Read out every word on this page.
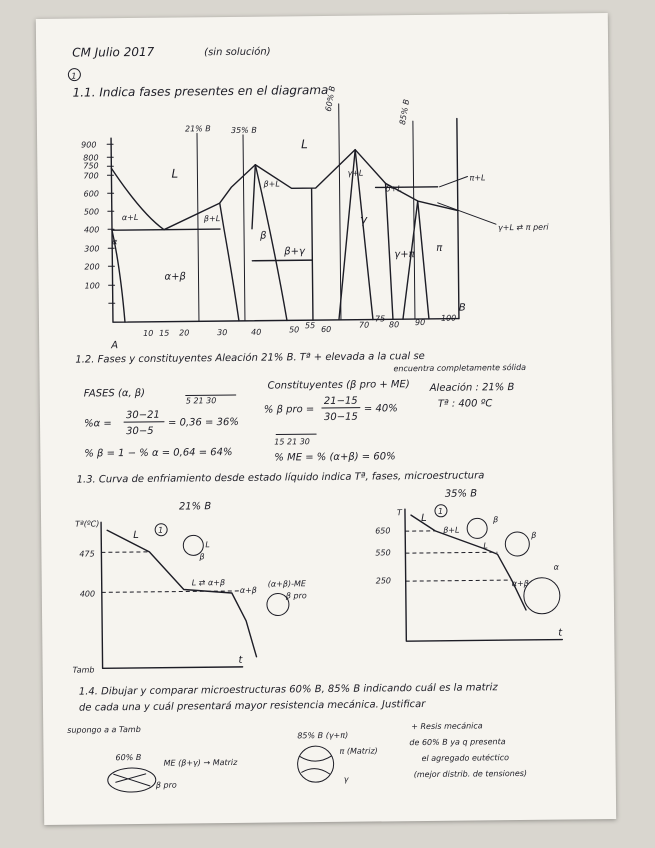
CM Julio 2017	(sin solución)
1
1.1. Indica fases presentes en el diagrama
900
800
750
700
600
500
400
300
200
100
10 15 20	30	40	50 55 60	70
75
80 90 100
A
B
21% B	35% B
60% B	85% B
L
L
α+L	β+L
β+L
γ+L
δ+L
β
α+β
β+γ
γ
γ+π
π
α
π+L
γ+L ⇄ π peri
1.2. Fases y constituyentes Aleación 21% B. Tª + elevada a la cual se
encuentra completamente sólida
FASES (α, β)
5 21 30
%α =
30−21
30−5
= 0,36 = 36%
% β = 1 − % α = 0,64 = 64%
Constituyentes (β pro + ME)
% β pro =
21−15
30−15
= 40%
15 21 30
% ME = % (α+β) = 60%
Aleación : 21% B
Tª : 400 ºC
1.3. Curva de enfriamiento desde estado líquido indica Tª, fases, microestructura
21% B
35% B
Tª(ºC)
475
400
Tamb
t
L
L ⇄ α+β
1
L
α+β
(α+β)-ME
β pro
β
T
650
550
250
t
L
1
β+L
β
L
β
α+β
α
1.4. Dibujar y comparar microestructuras 60% B, 85% B indicando cuál es la matriz
de cada una y cuál presentará mayor resistencia mecánica. Justificar
supongo a a Tamb
60% B
ME (β+γ) → Matriz
β pro
85% B (γ+π)
π (Matriz)
γ
+ Resis mecánica
de 60% B ya q presenta
el agregado eutéctico
(mejor distrib. de tensiones)
